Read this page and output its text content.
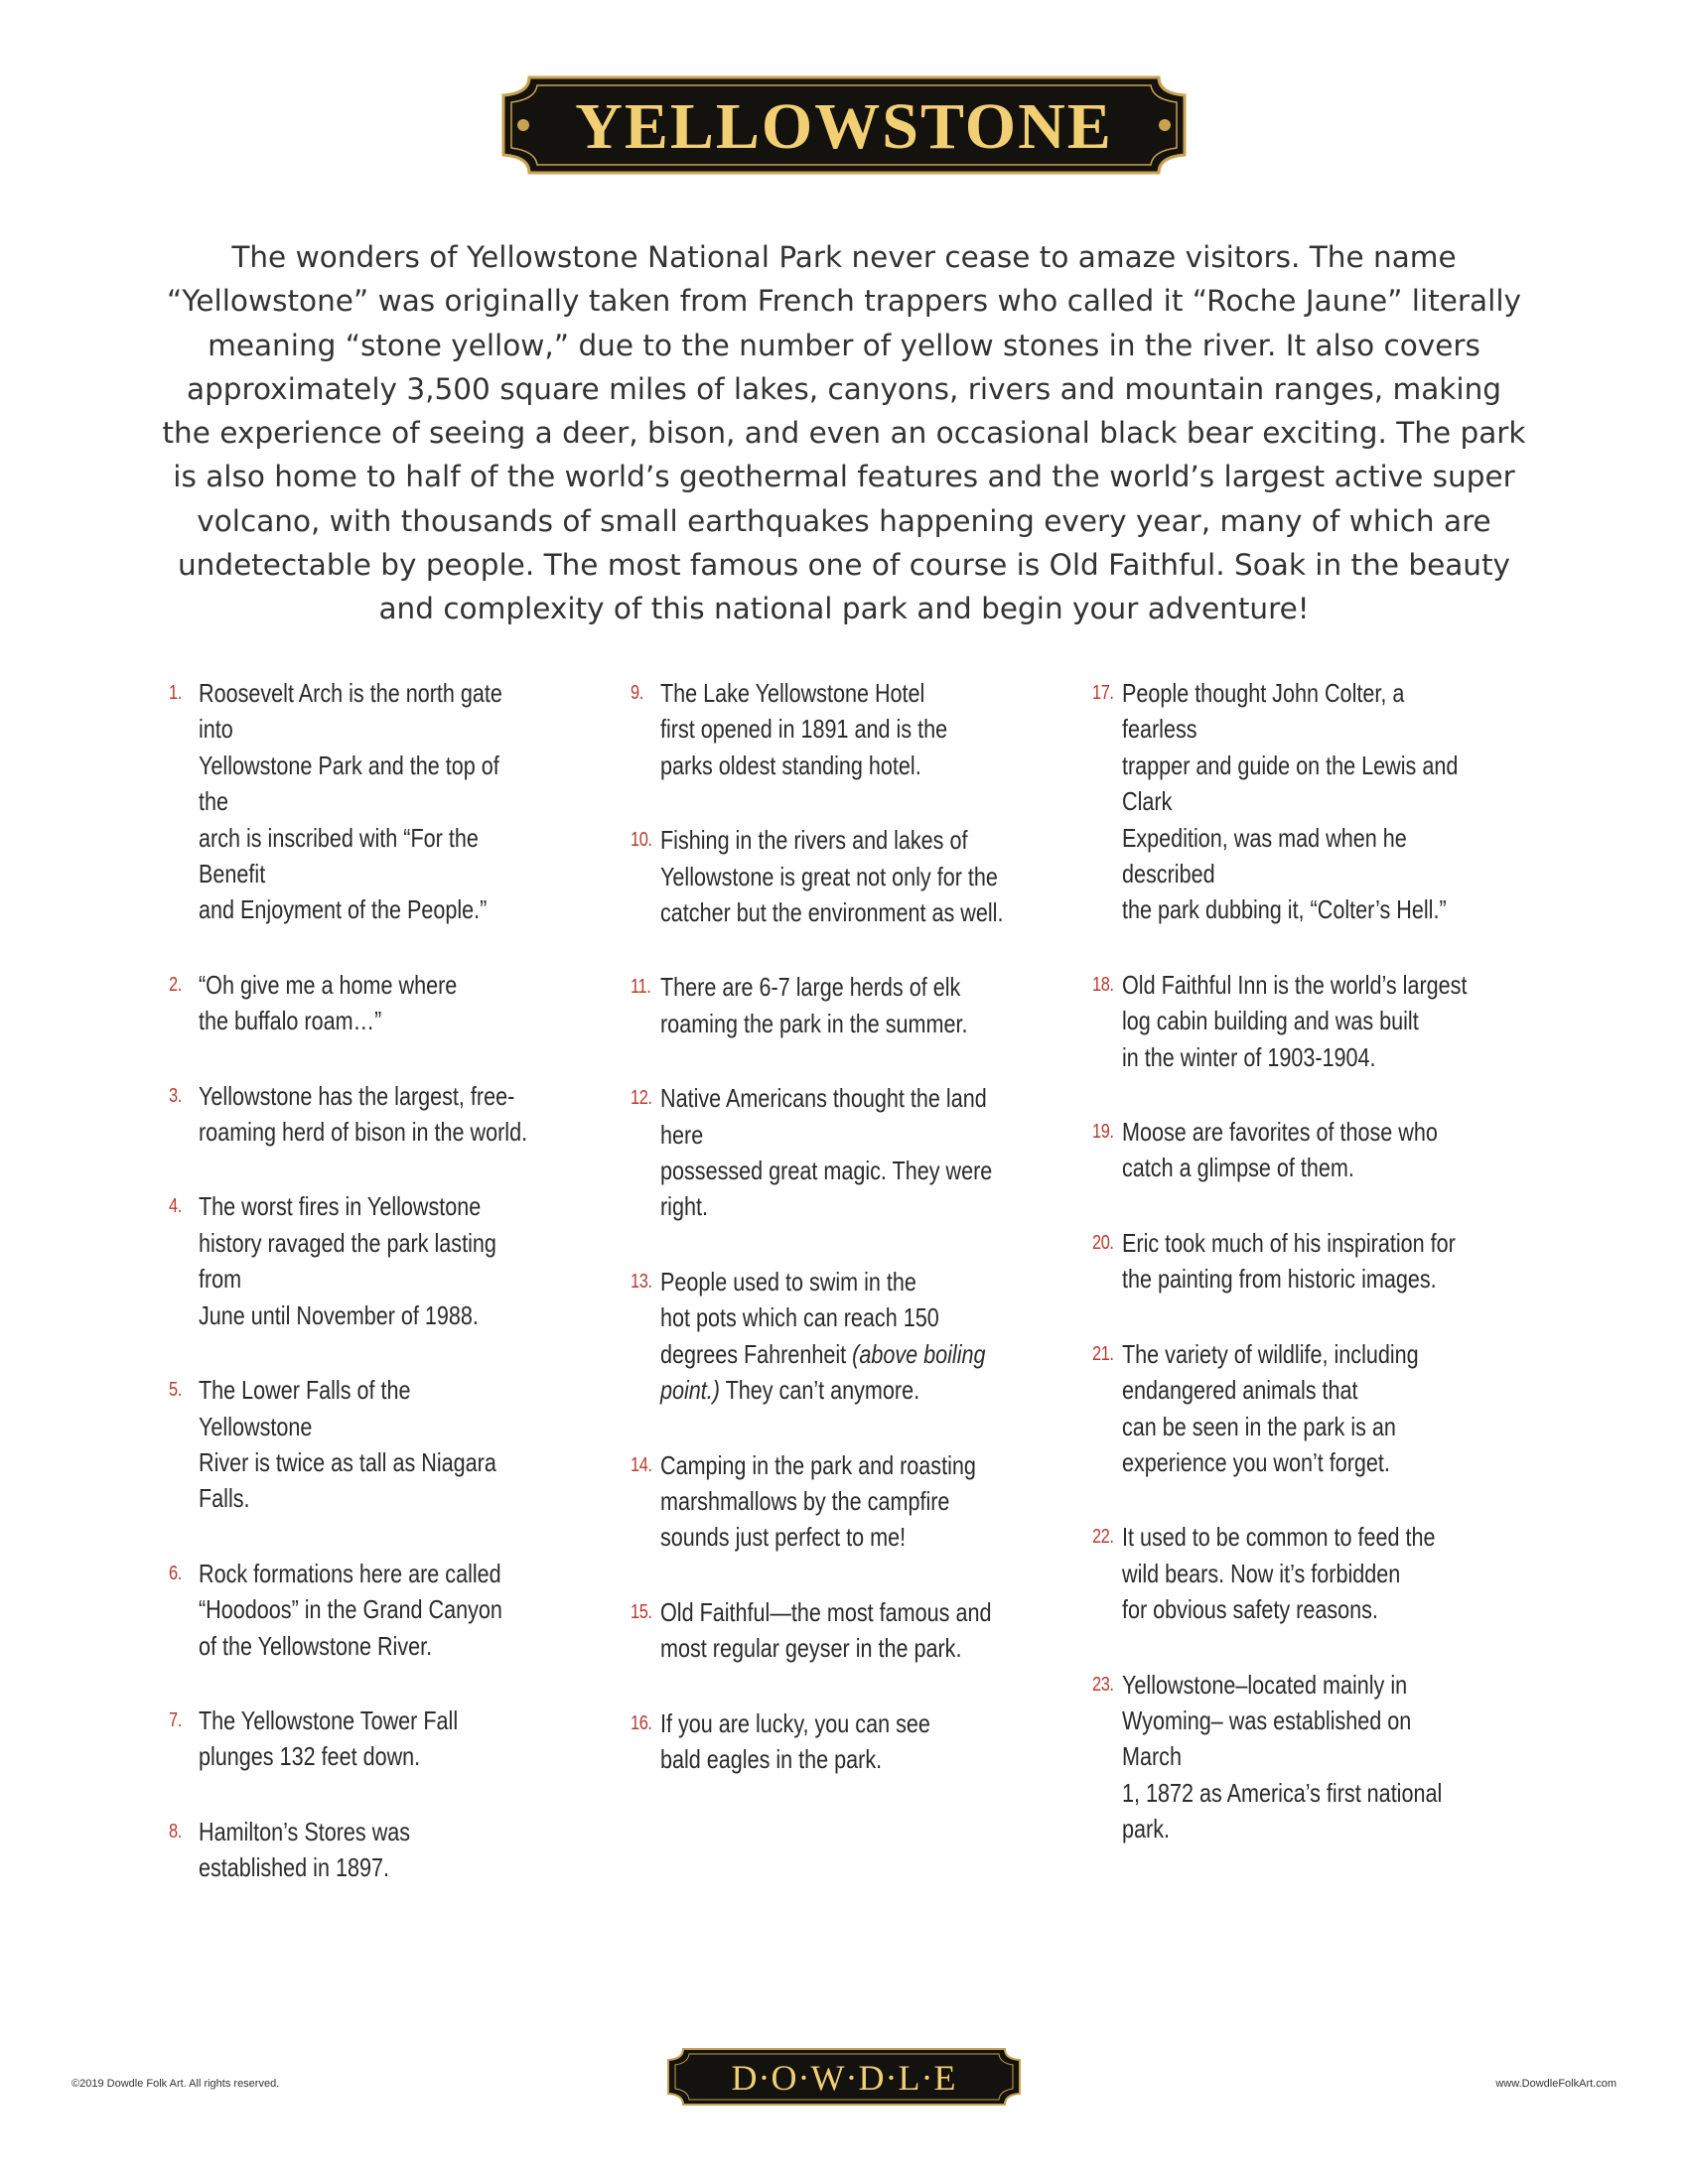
YELLOWSTONE

The wonders of Yellowstone National Park never cease to amaze visitors. The name “Yellowstone” was originally taken from French trappers who called it “Roche Jaune” literally meaning “stone yellow,” due to the number of yellow stones in the river. It also covers approximately 3,500 square miles of lakes, canyons, rivers and mountain ranges, making the experience of seeing a deer, bison, and even an occasional black bear exciting. The park is also home to half of the world’s geothermal features and the world’s largest active super volcano, with thousands of small earthquakes happening every year, many of which are undetectable by people. The most famous one of course is Old Faithful. Soak in the beauty and complexity of this national park and begin your adventure!

1. Roosevelt Arch is the north gate into
Yellowstone Park and the top of the
arch is inscribed with “For the Benefit
and Enjoyment of the People.”
2. “Oh give me a home where
the buffalo roam…”
3. Yellowstone has the largest, free-
roaming herd of bison in the world.
4. The worst fires in Yellowstone
history ravaged the park lasting from
June until November of 1988.
5. The Lower Falls of the Yellowstone
River is twice as tall as Niagara Falls.
6. Rock formations here are called
“Hoodoos” in the Grand Canyon
of the Yellowstone River.
7. The Yellowstone Tower Fall
plunges 132 feet down.
8. Hamilton’s Stores was
established in 1897.
9. The Lake Yellowstone Hotel
first opened in 1891 and is the
parks oldest standing hotel.
10. Fishing in the rivers and lakes of
Yellowstone is great not only for the
catcher but the environment as well.
11. There are 6-7 large herds of elk
roaming the park in the summer.
12. Native Americans thought the land here
possessed great magic. They were right.
13. People used to swim in the
hot pots which can reach 150
degrees Fahrenheit (above boiling
point.) They can’t anymore.
14. Camping in the park and roasting
marshmallows by the campfire
sounds just perfect to me!
15. Old Faithful—the most famous and
most regular geyser in the park.
16. If you are lucky, you can see
bald eagles in the park.
17. People thought John Colter, a fearless
trapper and guide on the Lewis and Clark
Expedition, was mad when he described
the park dubbing it, “Colter’s Hell.”
18. Old Faithful Inn is the world’s largest
log cabin building and was built
in the winter of 1903-1904.
19. Moose are favorites of those who
catch a glimpse of them.
20. Eric took much of his inspiration for
the painting from historic images.
21. The variety of wildlife, including
endangered animals that
can be seen in the park is an
experience you won’t forget.
22. It used to be common to feed the
wild bears. Now it’s forbidden
for obvious safety reasons.
23. Yellowstone–located mainly in
Wyoming– was established on March
1, 1872 as America’s first national park.
©2019 Dowdle Folk Art. All rights reserved.	D·O·W·D·L·E	www.DowdleFolkArt.com
